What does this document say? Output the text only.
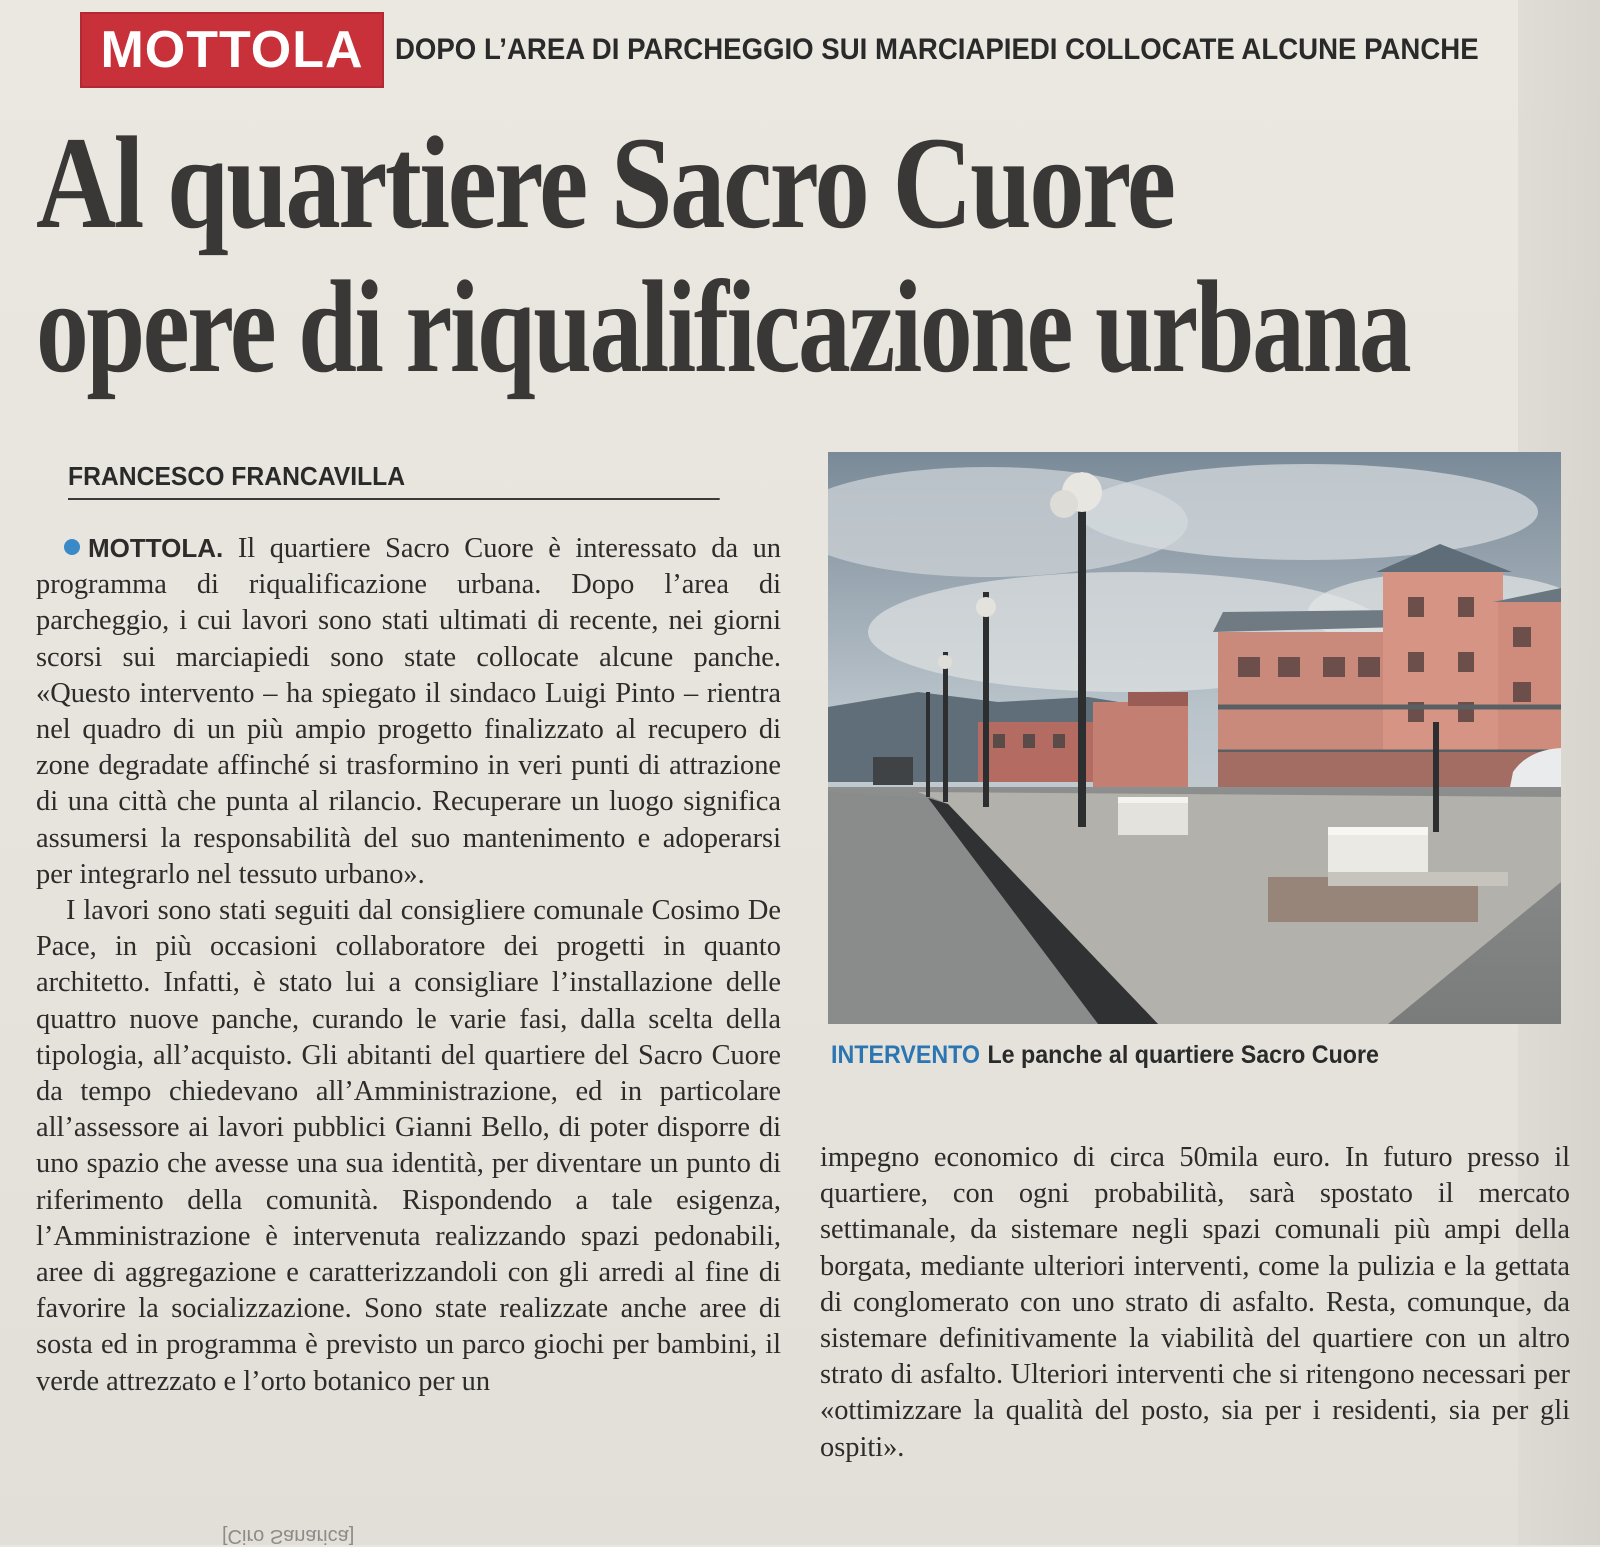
MOTTOLA	DOPO L’AREA DI PARCHEGGIO SUI MARCIAPIEDI COLLOCATE ALCUNE PANCHE
Al quartiere Sacro Cuore
opere di riqualificazione urbana
FRANCESCO FRANCAVILLA

MOTTOLA. Il quartiere Sacro Cuore è interessato da un programma di riqualificazione urbana. Dopo l’area di parcheggio, i cui lavori sono stati ultimati di recente, nei giorni scorsi sui marciapiedi sono state collocate alcune panche. «Questo intervento – ha spiegato il sindaco Luigi Pinto – rientra nel quadro di un più ampio progetto finalizzato al recupero di zone degradate affinché si trasformino in veri punti di attrazione di una città che punta al rilancio. Recuperare un luogo significa assumersi la responsabilità del suo mantenimento e adoperarsi per integrarlo nel tessuto urbano».

I lavori sono stati seguiti dal consigliere comunale Cosimo De Pace, in più occasioni collaboratore dei progetti in quanto architetto. Infatti, è stato lui a consigliare l’installazione delle quattro nuove panche, curando le varie fasi, dalla scelta della tipologia, all’acquisto. Gli abitanti del quartiere del Sacro Cuore da tempo chiedevano all’Amministrazione, ed in particolare all’assessore ai lavori pubblici Gianni Bello, di poter disporre di uno spazio che avesse una sua identità, per diventare un punto di riferimento della comunità. Rispondendo a tale esigenza, l’Amministrazione è intervenuta realizzando spazi pedonabili, aree di aggregazione e caratterizzandoli con gli arredi al fine di favorire la socializzazione. Sono state realizzate anche aree di sosta ed in programma è previsto un parco giochi per bambini, il verde attrezzato e l’orto botanico per un

INTERVENTO Le panche al quartiere Sacro Cuore

impegno economico di circa 50mila euro. In futuro presso il quartiere, con ogni probabilità, sarà spostato il mercato settimanale, da sistemare negli spazi comunali più ampi della borgata, mediante ulteriori interventi, come la pulizia e la gettata di conglomerato con uno strato di asfalto. Resta, comunque, da sistemare definitivamente la viabilità del quartiere con un altro strato di asfalto. Ulteriori interventi che si ritengono necessari per «ottimizzare la qualità del posto, sia per i residenti, sia per gli ospiti».

[Ciro Sanarica]
